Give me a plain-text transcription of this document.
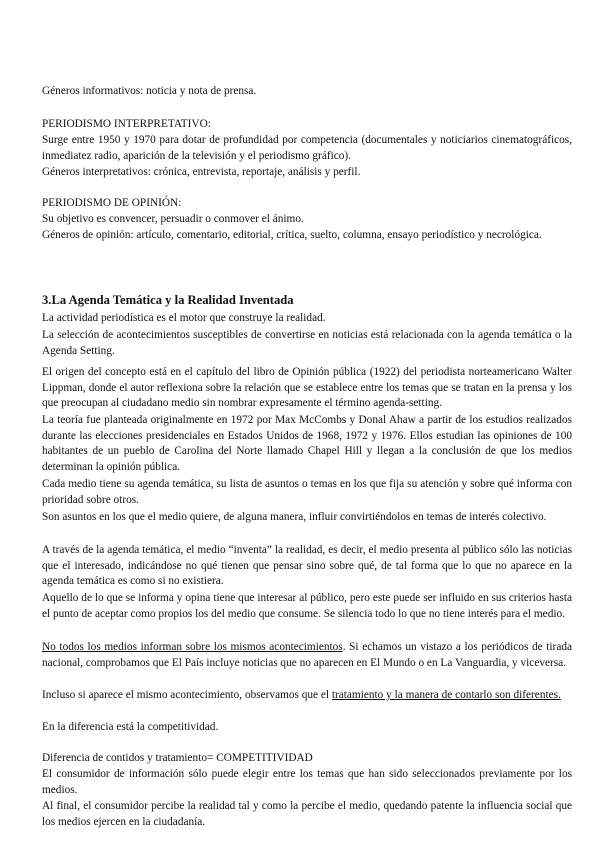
Géneros informativos: noticia y nota de prensa.

PERIODISMO INTERPRETATIVO:

Surge entre 1950 y 1970 para dotar de profundidad por competencia (documentales y noticiarios cinematográficos, inmediatez radio, aparición de la televisión y el periodismo gráfico).

Géneros interpretativos: crónica, entrevista, reportaje, análisis y perfil.

PERIODISMO DE OPINIÓN:

Su objetivo es convencer, persuadir o conmover el ánimo.

Géneros de opinión: artículo, comentario, editorial, crítica, suelto, columna, ensayo periodístico y necrológica.

3.La Agenda Temática y la Realidad Inventada

La actividad periodística es el motor que construye la realidad.

La selección de acontecimientos susceptibles de convertirse en noticias está relacionada con la agenda temática o la Agenda Setting.

El origen del concepto está en el capítulo del libro de Opinión pública (1922) del periodista norteamericano Walter Lippman, donde el autor reflexiona sobre la relación que se establece entre los temas que se tratan en la prensa y los que preocupan al ciudadano medio sin nombrar expresamente el término agenda-setting.

La teoría fue planteada originalmente en 1972 por Max McCombs y Donal Ahaw a partir de los estudios realizados durante las elecciones presidenciales en Estados Unidos de 1968, 1972 y 1976. Ellos estudian las opiniones de 100 habitantes de un pueblo de Carolina del Norte llamado Chapel Hill y llegan a la conclusión de que los medios determinan la opinión pública.

Cada medio tiene su agenda temática, su lista de asuntos o temas en los que fija su atención y sobre qué informa con prioridad sobre otros.

Son asuntos en los que el medio quiere, de alguna manera, influir convirtiéndolos en temas de interés colectivo.

A través de la agenda temática, el medio “inventa” la realidad, es decir, el medio presenta al público sólo las noticias que el interesado, indicándose no qué tienen que pensar sino sobre qué, de tal forma que lo que no aparece en la agenda temática es como si no existiera.

Aquello de lo que se informa y opina tiene que interesar al público, pero este puede ser influido en sus criterios hasta el punto de aceptar como propios los del medio que consume. Se silencia todo lo que no tiene interés para el medio.

No todos los medios informan sobre los mismos acontecimientos. Si echamos un vistazo a los periódicos de tirada nacional, comprobamos que El País incluye noticias que no aparecen en El Mundo o en La Vanguardia, y viceversa.

Incluso si aparece el mismo acontecimiento, observamos que el tratamiento y la manera de contarlo son diferentes.

En la diferencia está la competitividad.

Diferencia de contidos y tratamiento= COMPETITIVIDAD

El consumidor de información sólo puede elegir entre los temas que han sido seleccionados previamente por los medios.

Al final, el consumidor percibe la realidad tal y como la percibe el medio, quedando patente la influencia social que los medios ejercen en la ciudadanía.
